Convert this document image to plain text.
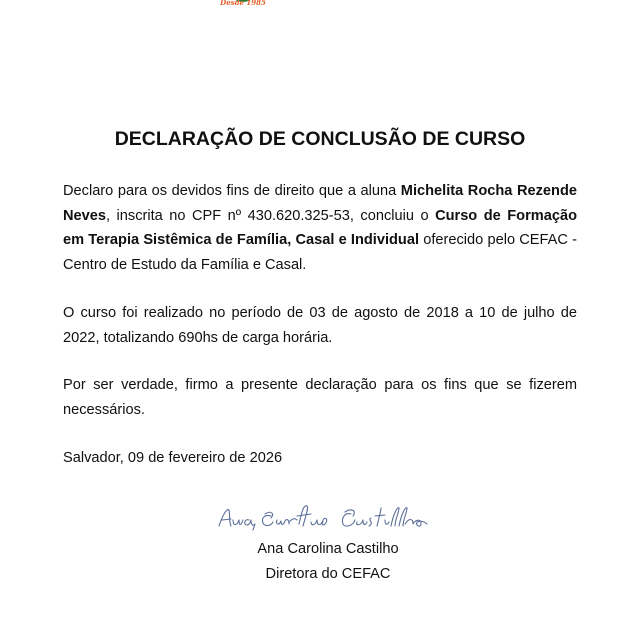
Desde 1985
DECLARAÇÃO DE CONCLUSÃO DE CURSO
Declaro para os devidos fins de direito que a aluna Michelita Rocha Rezende Neves, inscrita no CPF nº 430.620.325-53, concluiu o Curso de Formação em Terapia Sistêmica de Família, Casal e Individual oferecido pelo CEFAC - Centro de Estudo da Família e Casal.
O curso foi realizado no período de 03 de agosto de 2018 a 10 de julho de 2022, totalizando 690hs de carga horária.
Por ser verdade, firmo a presente declaração para os fins que se fizerem necessários.
Salvador, 09 de fevereiro de 2026
Ana Carolina Castilho
Diretora do CEFAC
